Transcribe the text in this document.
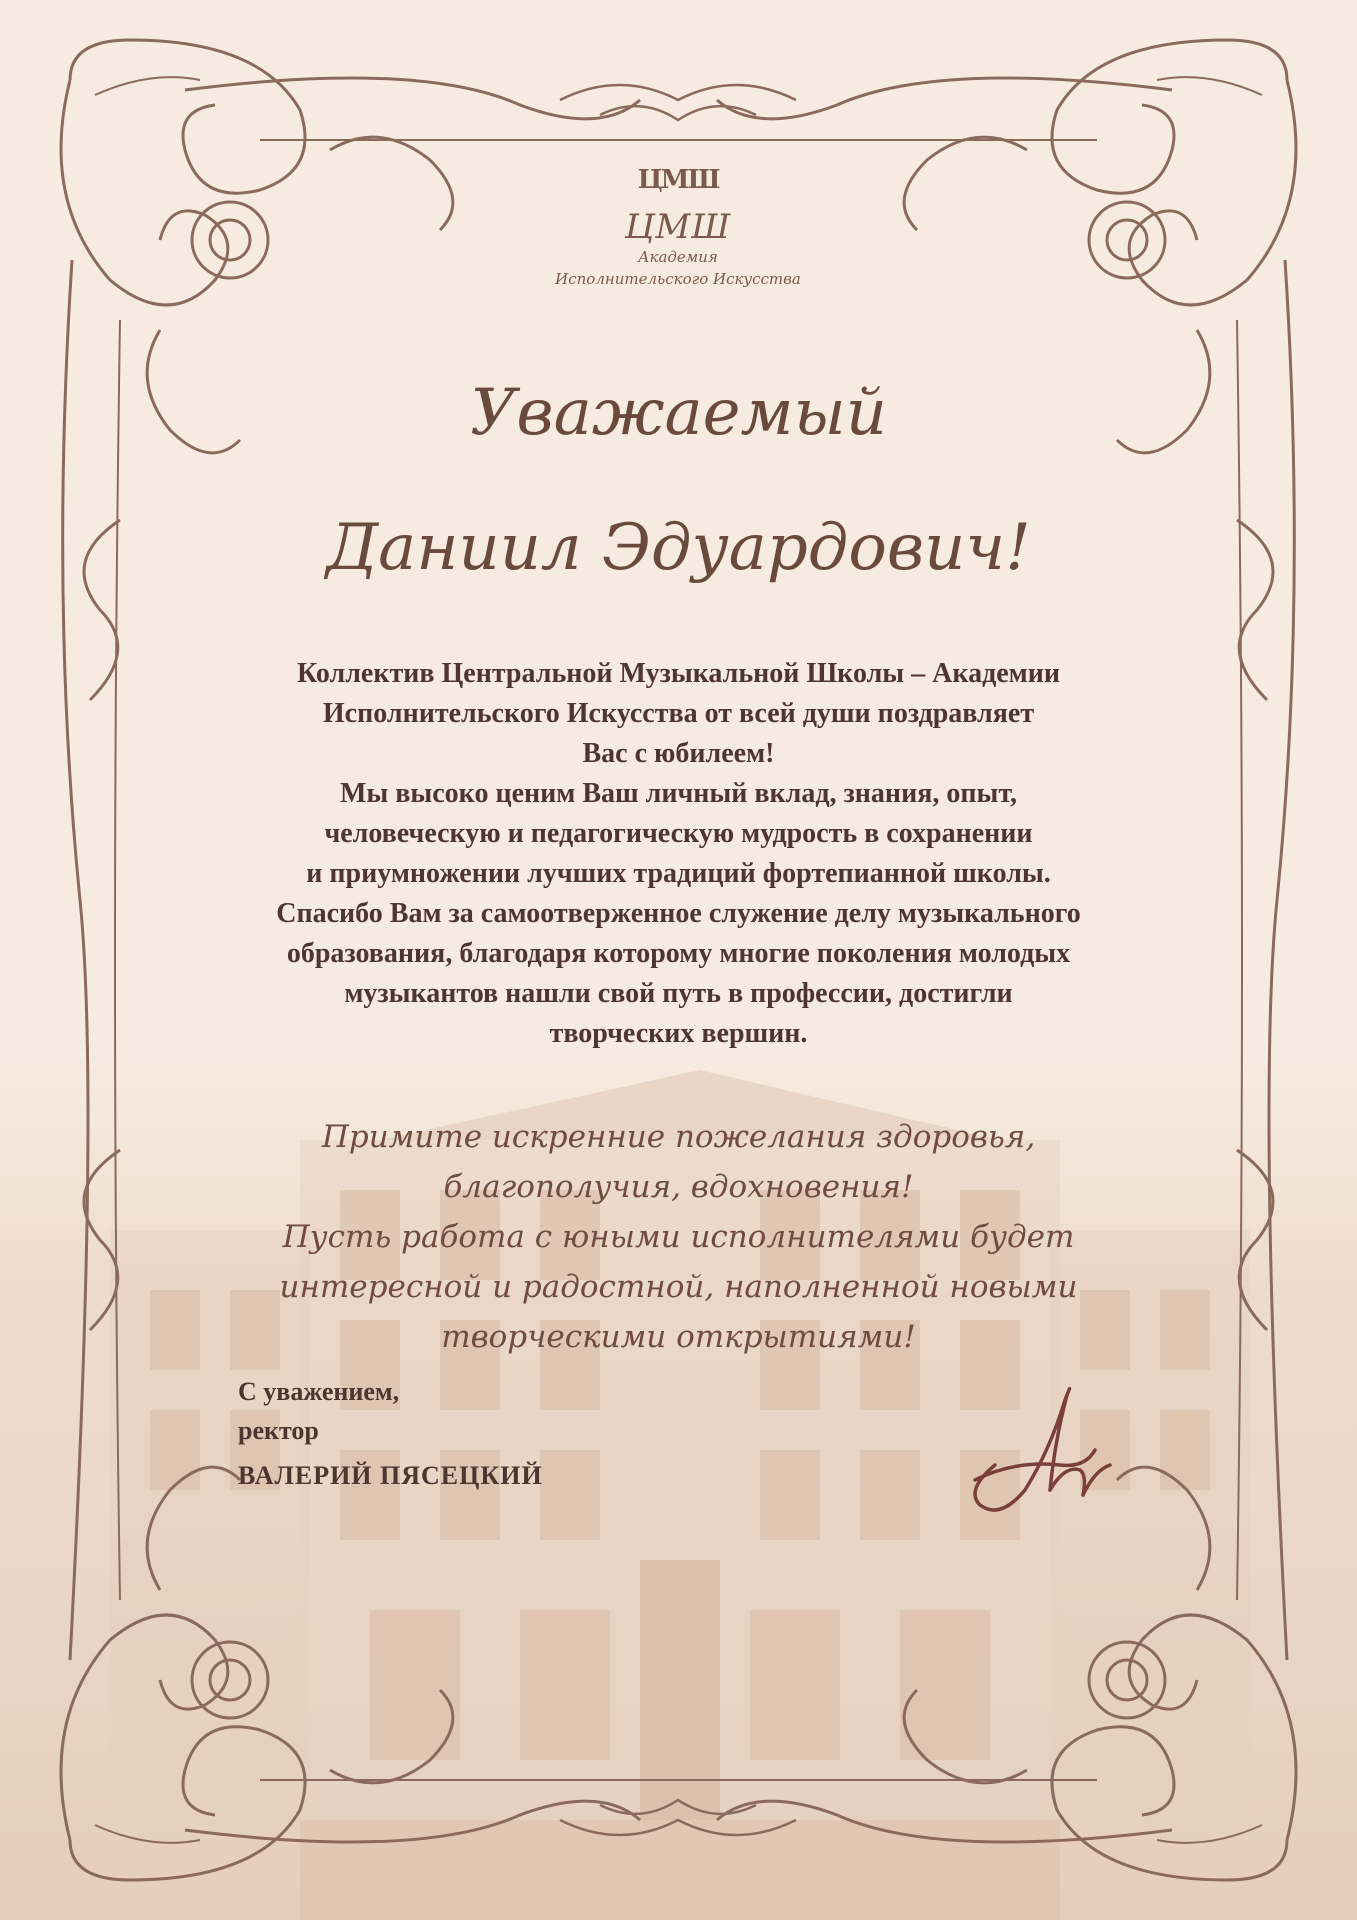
ЦМШ
ЦМШ
Академия
Исполнительского Искусства
Уважаемый
Даниил Эдуардович!
Коллектив Центральной Музыкальной Школы – Академии
Исполнительского Искусства от всей души поздравляет
Вас с юбилеем!
Мы высоко ценим Ваш личный вклад, знания, опыт,
человеческую и педагогическую мудрость в сохранении
и приумножении лучших традиций фортепианной школы.
Спасибо Вам за самоотверженное служение делу музыкального
образования, благодаря которому многие поколения молодых
музыкантов нашли свой путь в профессии, достигли
творческих вершин.
Примите искренние пожелания здоровья,
благополучия, вдохновения!
Пусть работа с юными исполнителями будет
интересной и радостной, наполненной новыми
творческими открытиями!
С уважением,
ректор
ВАЛЕРИЙ ПЯСЕЦКИЙ
